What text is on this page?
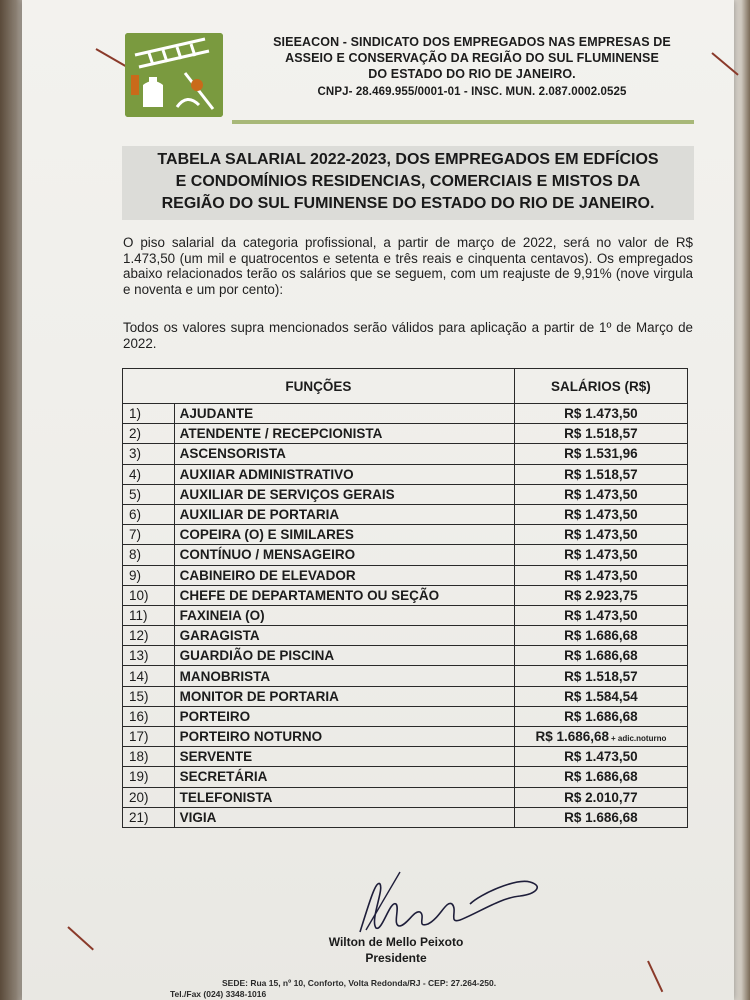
SIEEACON - SINDICATO DOS EMPREGADOS NAS EMPRESAS DE
ASSEIO E CONSERVAÇÃO DA REGIÃO DO SUL FLUMINENSE
DO ESTADO DO RIO DE JANEIRO.
CNPJ- 28.469.955/0001-01 - INSC. MUN. 2.087.0002.0525
TABELA SALARIAL 2022-2023, DOS EMPREGADOS EM EDFÍCIOS
E CONDOMÍNIOS RESIDENCIAS, COMERCIAIS E MISTOS DA
REGIÃO DO SUL FUMINENSE DO ESTADO DO RIO DE JANEIRO.
O piso salarial da categoria profissional, a partir de março de 2022, será no valor de R$ 1.473,50 (um mil e quatrocentos e setenta e três reais e cinquenta centavos). Os empregados abaixo relacionados terão os salários que se seguem, com um reajuste de 9,91% (nove virgula e noventa e um por cento):
Todos os valores supra mencionados serão válidos para aplicação a partir de 1º de Março de 2022.
FUNÇÕES		SALÁRIOS (R$)
1)	AJUDANTE	R$ 1.473,50
2)	ATENDENTE / RECEPCIONISTA	R$ 1.518,57
3)	ASCENSORISTA	R$ 1.531,96
4)	AUXIIAR ADMINISTRATIVO	R$ 1.518,57
5)	AUXILIAR DE SERVIÇOS GERAIS	R$ 1.473,50
6)	AUXILIAR DE PORTARIA	R$ 1.473,50
7)	COPEIRA (O) E SIMILARES	R$ 1.473,50
8)	CONTÍNUO / MENSAGEIRO	R$ 1.473,50
9)	CABINEIRO DE ELEVADOR	R$ 1.473,50
10)	CHEFE DE DEPARTAMENTO OU SEÇÃO	R$ 2.923,75
11)	FAXINEIA (O)	R$ 1.473,50
12)	GARAGISTA	R$ 1.686,68
13)	GUARDIÃO DE PISCINA	R$ 1.686,68
14)	MANOBRISTA	R$ 1.518,57
15)	MONITOR DE PORTARIA	R$ 1.584,54
16)	PORTEIRO	R$ 1.686,68
17)	PORTEIRO NOTURNO	R$ 1.686,68 + adic.noturno
18)	SERVENTE	R$ 1.473,50
19)	SECRETÁRIA	R$ 1.686,68
20)	TELEFONISTA	R$ 2.010,77
21)	VIGIA	R$ 1.686,68
Wilton de Mello Peixoto
Presidente
SEDE: Rua 15, nº 10, Conforto, Volta Redonda/RJ - CEP: 27.264-250.
Tel./Fax (024) 3348-1016
